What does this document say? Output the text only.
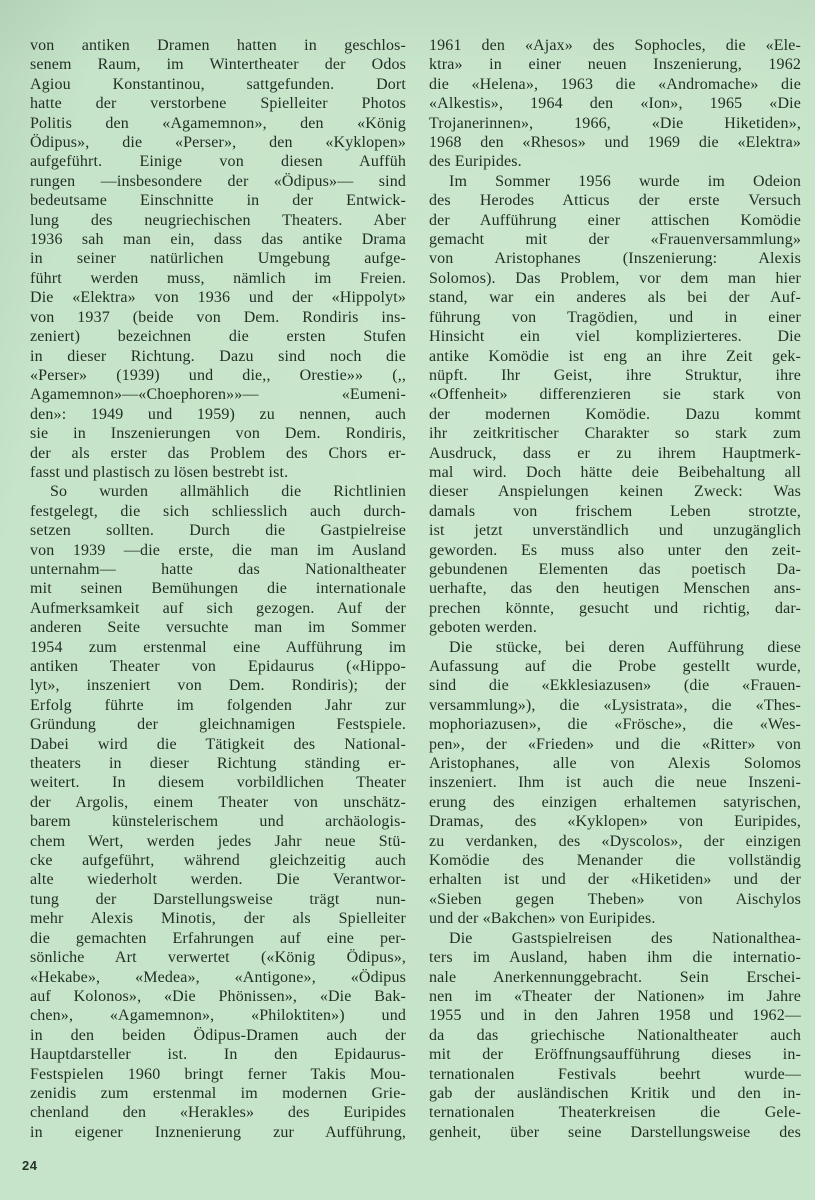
von antiken Dramen hatten in geschlos-
senem Raum, im Wintertheater der Odos
Agiou Konstantinou, sattgefunden. Dort
hatte der verstorbene Spielleiter Photos
Politis den «Agamemnon», den «König
Ödipus», die «Perser», den «Kyklopen»
aufgeführt. Einige von diesen Auffüh
rungen —insbesondere der «Ödipus»— sind
bedeutsame Einschnitte in der Entwick-
lung des neugriechischen Theaters. Aber
1936 sah man ein, dass das antike Drama
in seiner natürlichen Umgebung aufge-
führt werden muss, nämlich im Freien.
Die «Elektra» von 1936 und der «Hippolyt»
von 1937 (beide von Dem. Rondiris ins-
zeniert) bezeichnen die ersten Stufen
in dieser Richtung. Dazu sind noch die
«Perser» (1939) und die,, Orestie»» (,,
Agamemnon»—«Choephoren»»— «Eumeni-
den»: 1949 und 1959) zu nennen, auch
sie in Inszenierungen von Dem. Rondiris,
der als erster das Problem des Chors er-
fasst und plastisch zu lösen bestrebt ist.
So wurden allmählich die Richtlinien
festgelegt, die sich schliesslich auch durch-
setzen sollten. Durch die Gastpielreise
von 1939 —die erste, die man im Ausland
unternahm— hatte das Nationaltheater
mit seinen Bemühungen die internationale
Aufmerksamkeit auf sich gezogen. Auf der
anderen Seite versuchte man im Sommer
1954 zum erstenmal eine Aufführung im
antiken Theater von Epidaurus («Hippo-
lyt», inszeniert von Dem. Rondiris); der
Erfolg führte im folgenden Jahr zur
Gründung der gleichnamigen Festspiele.
Dabei wird die Tätigkeit des National-
theaters in dieser Richtung ständing er-
weitert. In diesem vorbildlichen Theater
der Argolis, einem Theater von unschätz-
barem künstelerischem und archäologis-
chem Wert, werden jedes Jahr neue Stü-
cke aufgeführt, während gleichzeitig auch
alte wiederholt werden. Die Verantwor-
tung der Darstellungsweise trägt nun-
mehr Alexis Minotis, der als Spielleiter
die gemachten Erfahrungen auf eine per-
sönliche Art verwertet («König Ödipus»,
«Hekabe», «Medea», «Antigone», «Ödipus
auf Kolonos», «Die Phönissen», «Die Bak-
chen», «Agamemnon», «Philoktiten») und
in den beiden Ödipus-Dramen auch der
Hauptdarsteller ist. In den Epidaurus-
Festspielen 1960 bringt ferner Takis Mou-
zenidis zum erstenmal im modernen Grie-
chenland den «Herakles» des Euripides
in eigener Inznenierung zur Aufführung,
1961 den «Ajax» des Sophocles, die «Ele-
ktra» in einer neuen Inszenierung, 1962
die «Helena», 1963 die «Andromache» die
«Alkestis», 1964 den «Ion», 1965 «Die
Trojanerinnen», 1966, «Die Hiketiden»,
1968 den «Rhesos» und 1969 die «Elektra»
des Euripides.
Im Sommer 1956 wurde im Odeion
des Herodes Atticus der erste Versuch
der Aufführung einer attischen Komödie
gemacht mit der «Frauenversammlung»
von Aristophanes (Inszenierung: Alexis
Solomos). Das Problem, vor dem man hier
stand, war ein anderes als bei der Auf-
führung von Tragödien, und in einer
Hinsicht ein viel komplizierteres. Die
antike Komödie ist eng an ihre Zeit gek-
nüpft. Ihr Geist, ihre Struktur, ihre
«Offenheit» differenzieren sie stark von
der modernen Komödie. Dazu kommt
ihr zeitkritischer Charakter so stark zum
Ausdruck, dass er zu ihrem Hauptmerk-
mal wird. Doch hätte deie Beibehaltung all
dieser Anspielungen keinen Zweck: Was
damals von frischem Leben strotzte,
ist jetzt unverständlich und unzugänglich
geworden. Es muss also unter den zeit-
gebundenen Elementen das poetisch Da-
uerhafte, das den heutigen Menschen ans-
prechen könnte, gesucht und richtig, dar-
geboten werden.
Die stücke, bei deren Aufführung diese
Aufassung auf die Probe gestellt wurde,
sind die «Ekklesiazusen» (die «Frauen-
versammlung»), die «Lysistrata», die «Thes-
mophoriazusen», die «Frösche», die «Wes-
pen», der «Frieden» und die «Ritter» von
Aristophanes, alle von Alexis Solomos
inszeniert. Ihm ist auch die neue Inszeni-
erung des einzigen erhaltemen satyrischen,
Dramas, des «Kyklopen» von Euripides,
zu verdanken, des «Dyscolos», der einzigen
Komödie des Menander die vollständig
erhalten ist und der «Hiketiden» und der
«Sieben gegen Theben» von Aischylos
und der «Bakchen» von Euripides.
Die Gastspielreisen des Nationalthea-
ters im Ausland, haben ihm die internatio-
nale Anerkennunggebracht. Sein Erschei-
nen im «Theater der Nationen» im Jahre
1955 und in den Jahren 1958 und 1962—
da das griechische Nationaltheater auch
mit der Eröffnungsaufführung dieses in-
ternationalen Festivals beehrt wurde—
gab der ausländischen Kritik und den in-
ternationalen Theaterkreisen die Gele-
genheit, über seine Darstellungsweise des
24
